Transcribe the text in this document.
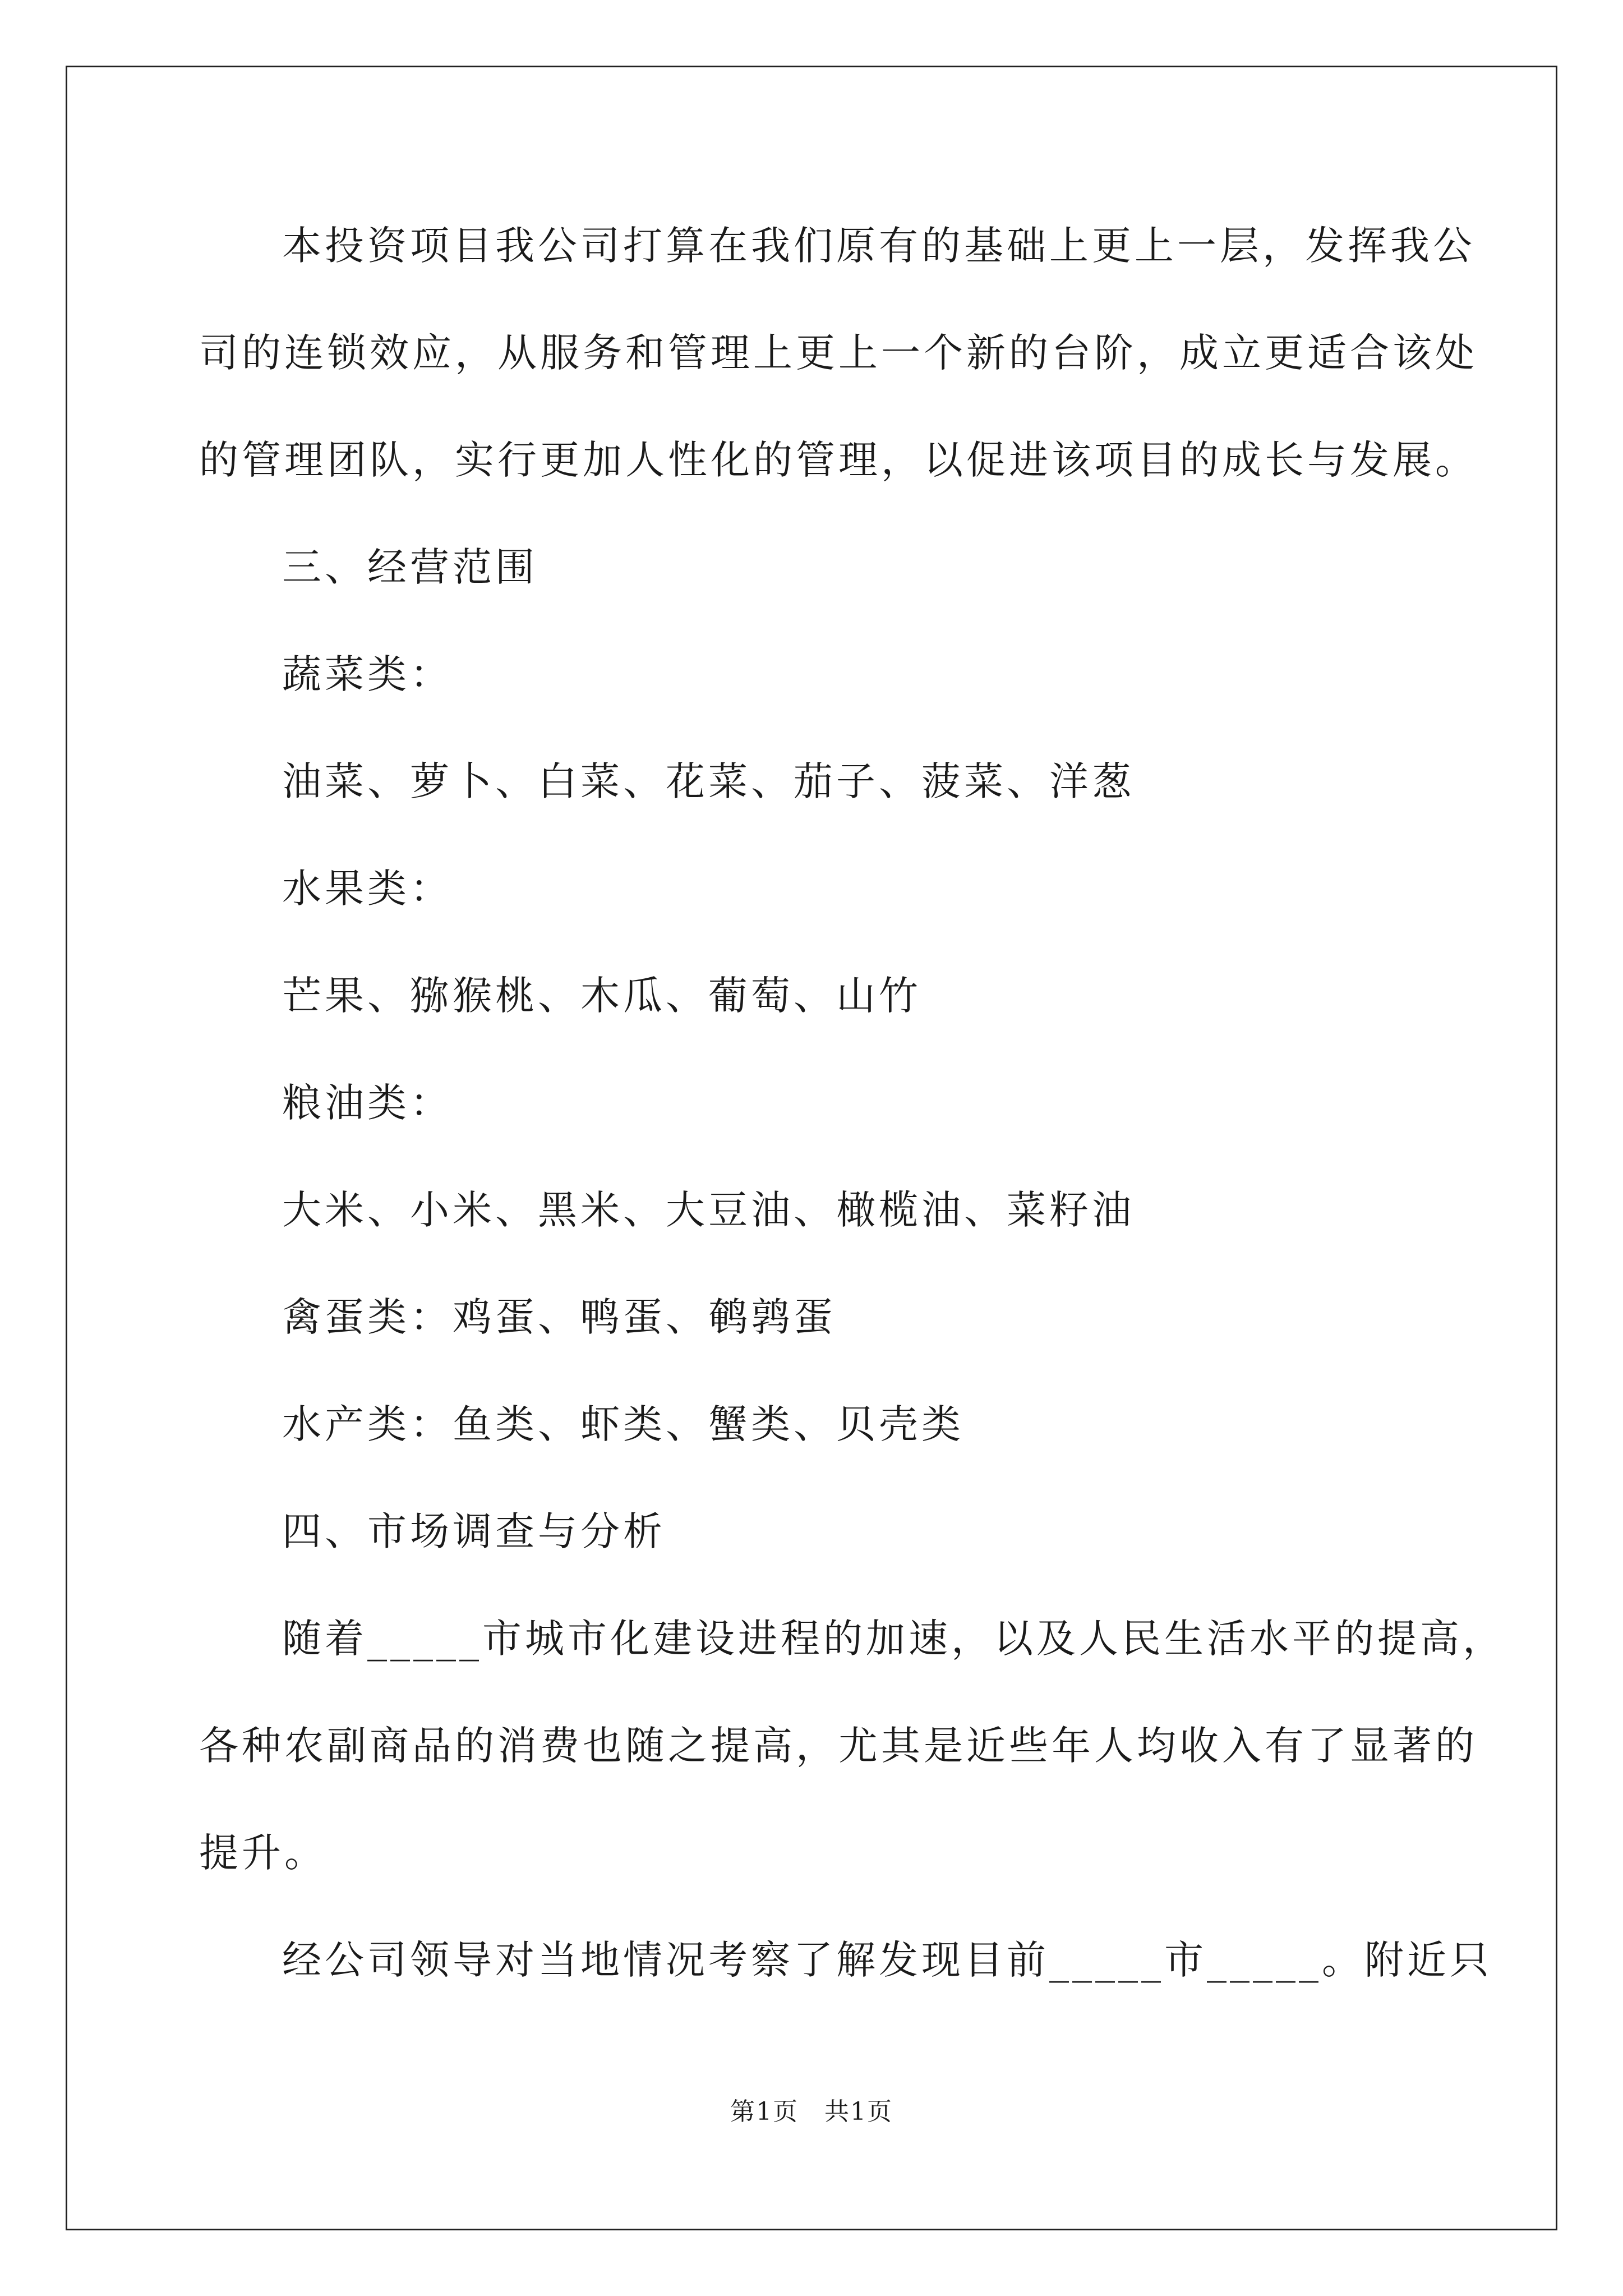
本投资项目我公司打算在我们原有的基础上更上一层，发挥我公
司的连锁效应，从服务和管理上更上一个新的台阶，成立更适合该处
的管理团队，实行更加人性化的管理，以促进该项目的成长与发展。
三、经营范围
蔬菜类：
油菜、萝卜、白菜、花菜、茄子、菠菜、洋葱
水果类：
芒果、猕猴桃、木瓜、葡萄、山竹
粮油类：
大米、小米、黑米、大豆油、橄榄油、菜籽油
禽蛋类：鸡蛋、鸭蛋、鹌鹑蛋
水产类：鱼类、虾类、蟹类、贝壳类
四、市场调查与分析
随着_____市城市化建设进程的加速，以及人民生活水平的提高，
各种农副商品的消费也随之提高，尤其是近些年人均收入有了显著的
提升。
经公司领导对当地情况考察了解发现目前_____市_____。附近只
第1页　共1页
